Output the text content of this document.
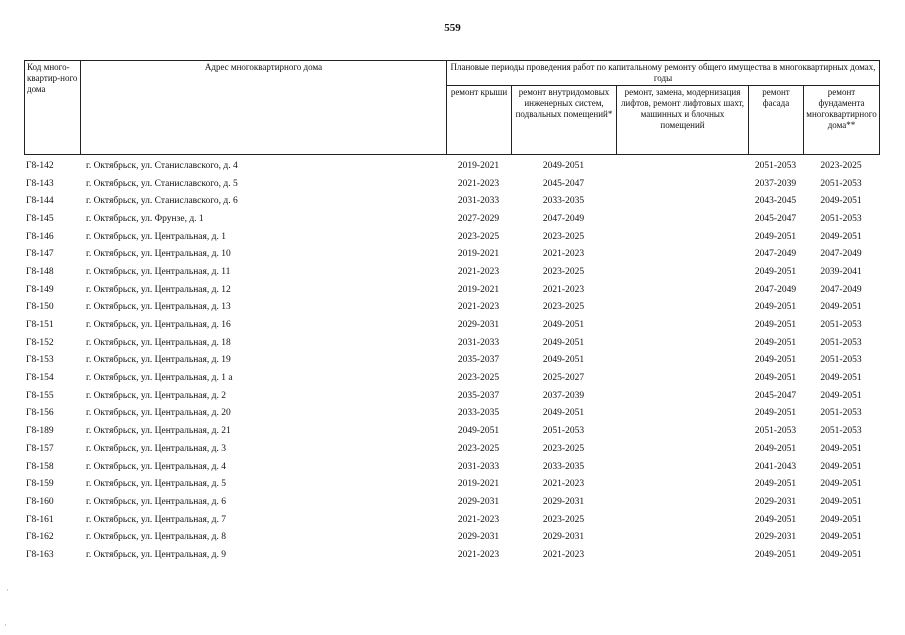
559
Код много-квартир-ного дома	Адрес многоквартирного дома	Плановые периоды проведения работ по капитальному ремонту общего имущества в многоквартирных домах, годы				
		ремонт крыши	ремонт внутридомовых инженерных систем, подвальных помещений*	ремонт, замена, модернизация лифтов, ремонт лифтовых шахт, машинных и блочных помещений	ремонт фасада	ремонт фундамента многоквартирного дома**
Г8-142	г. Октябрьск, ул. Станиславского, д. 4	2019-2021	2049-2051		2051-2053	2023-2025
Г8-143	г. Октябрьск, ул. Станиславского, д. 5	2021-2023	2045-2047		2037-2039	2051-2053
Г8-144	г. Октябрьск, ул. Станиславского, д. 6	2031-2033	2033-2035		2043-2045	2049-2051
Г8-145	г. Октябрьск, ул. Фрунзе, д. 1	2027-2029	2047-2049		2045-2047	2051-2053
Г8-146	г. Октябрьск, ул. Центральная, д. 1	2023-2025	2023-2025		2049-2051	2049-2051
Г8-147	г. Октябрьск, ул. Центральная, д. 10	2019-2021	2021-2023		2047-2049	2047-2049
Г8-148	г. Октябрьск, ул. Центральная, д. 11	2021-2023	2023-2025		2049-2051	2039-2041
Г8-149	г. Октябрьск, ул. Центральная, д. 12	2019-2021	2021-2023		2047-2049	2047-2049
Г8-150	г. Октябрьск, ул. Центральная, д. 13	2021-2023	2023-2025		2049-2051	2049-2051
Г8-151	г. Октябрьск, ул. Центральная, д. 16	2029-2031	2049-2051		2049-2051	2051-2053
Г8-152	г. Октябрьск, ул. Центральная, д. 18	2031-2033	2049-2051		2049-2051	2051-2053
Г8-153	г. Октябрьск, ул. Центральная, д. 19	2035-2037	2049-2051		2049-2051	2051-2053
Г8-154	г. Октябрьск, ул. Центральная, д. 1 а	2023-2025	2025-2027		2049-2051	2049-2051
Г8-155	г. Октябрьск, ул. Центральная, д. 2	2035-2037	2037-2039		2045-2047	2049-2051
Г8-156	г. Октябрьск, ул. Центральная, д. 20	2033-2035	2049-2051		2049-2051	2051-2053
Г8-189	г. Октябрьск, ул. Центральная, д. 21	2049-2051	2051-2053		2051-2053	2051-2053
Г8-157	г. Октябрьск, ул. Центральная, д. 3	2023-2025	2023-2025		2049-2051	2049-2051
Г8-158	г. Октябрьск, ул. Центральная, д. 4	2031-2033	2033-2035		2041-2043	2049-2051
Г8-159	г. Октябрьск, ул. Центральная, д. 5	2019-2021	2021-2023		2049-2051	2049-2051
Г8-160	г. Октябрьск, ул. Центральная, д. 6	2029-2031	2029-2031		2029-2031	2049-2051
Г8-161	г. Октябрьск, ул. Центральная, д. 7	2021-2023	2023-2025		2049-2051	2049-2051
Г8-162	г. Октябрьск, ул. Центральная, д. 8	2029-2031	2029-2031		2029-2031	2049-2051
Г8-163	г. Октябрьск, ул. Центральная, д. 9	2021-2023	2021-2023		2049-2051	2049-2051
·
·
